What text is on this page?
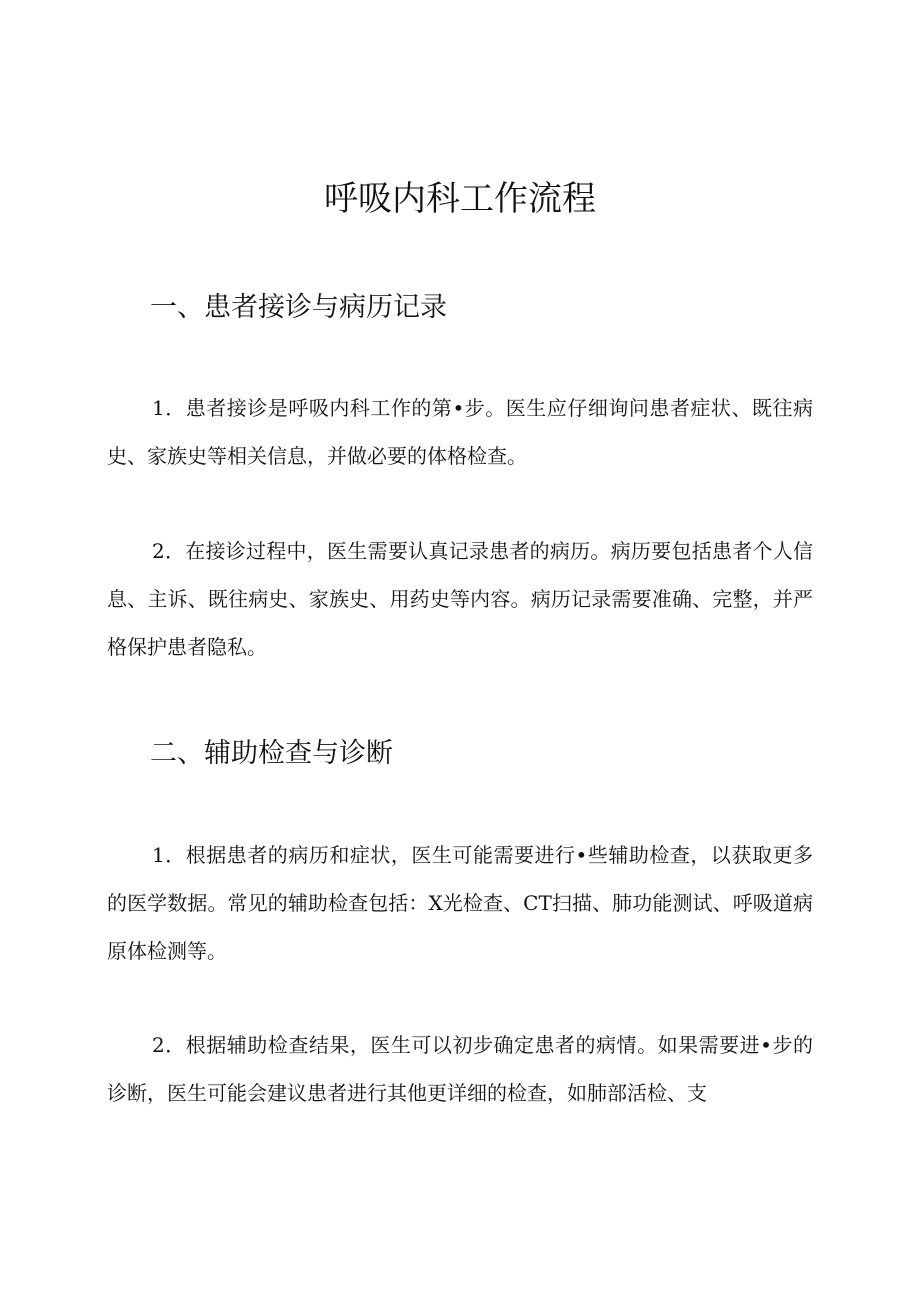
呼吸内科工作流程
一、患者接诊与病历记录

1．患者接诊是呼吸内科工作的第•步。医生应仔细询问患者症状、既往病史、家族史等相关信息，并做必要的体格检查。

2．在接诊过程中，医生需要认真记录患者的病历。病历要包括患者个人信息、主诉、既往病史、家族史、用药史等内容。病历记录需要准确、完整，并严格保护患者隐私。

二、辅助检查与诊断

1．根据患者的病历和症状，医生可能需要进行•些辅助检查，以获取更多的医学数据。常见的辅助检查包括：X光检查、CT扫描、肺功能测试、呼吸道病原体检测等。

2．根据辅助检查结果，医生可以初步确定患者的病情。如果需要进•步的诊断，医生可能会建议患者进行其他更详细的检查，如肺部活检、支
